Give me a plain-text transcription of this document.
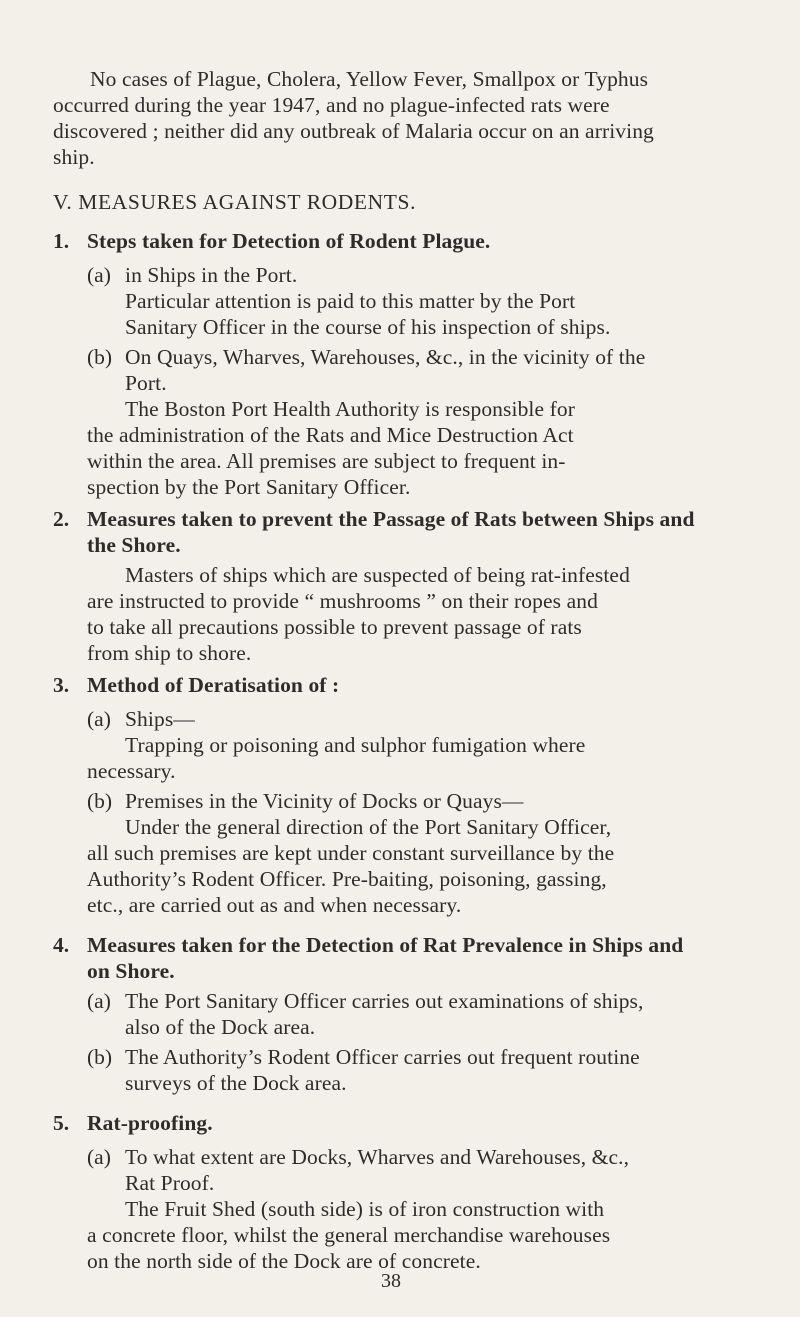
No cases of Plague, Cholera, Yellow Fever, Smallpox or Typhus
occurred during the year 1947, and no plague-infected rats were
discovered ; neither did any outbreak of Malaria occur on an arriving
ship.
V. MEASURES AGAINST RODENTS.
1. Steps taken for Detection of Rodent Plague.
(a) in Ships in the Port.
Particular attention is paid to this matter by the Port
Sanitary Officer in the course of his inspection of ships.
(b) On Quays, Wharves, Warehouses, &c., in the vicinity of the
Port.
The Boston Port Health Authority is responsible for
the administration of the Rats and Mice Destruction Act
within the area. All premises are subject to frequent in-
spection by the Port Sanitary Officer.
2. Measures taken to prevent the Passage of Rats between Ships and
the Shore.
Masters of ships which are suspected of being rat-infested
are instructed to provide “ mushrooms ” on their ropes and
to take all precautions possible to prevent passage of rats
from ship to shore.
3. Method of Deratisation of :
(a) Ships—
Trapping or poisoning and sulphor fumigation where
necessary.
(b) Premises in the Vicinity of Docks or Quays—
Under the general direction of the Port Sanitary Officer,
all such premises are kept under constant surveillance by the
Authority’s Rodent Officer. Pre-baiting, poisoning, gassing,
etc., are carried out as and when necessary.
4. Measures taken for the Detection of Rat Prevalence in Ships and
on Shore.
(a) The Port Sanitary Officer carries out examinations of ships,
also of the Dock area.
(b) The Authority’s Rodent Officer carries out frequent routine
surveys of the Dock area.
5. Rat-proofing.
(a) To what extent are Docks, Wharves and Warehouses, &c.,
Rat Proof.
The Fruit Shed (south side) is of iron construction with
a concrete floor, whilst the general merchandise warehouses
on the north side of the Dock are of concrete.
38
